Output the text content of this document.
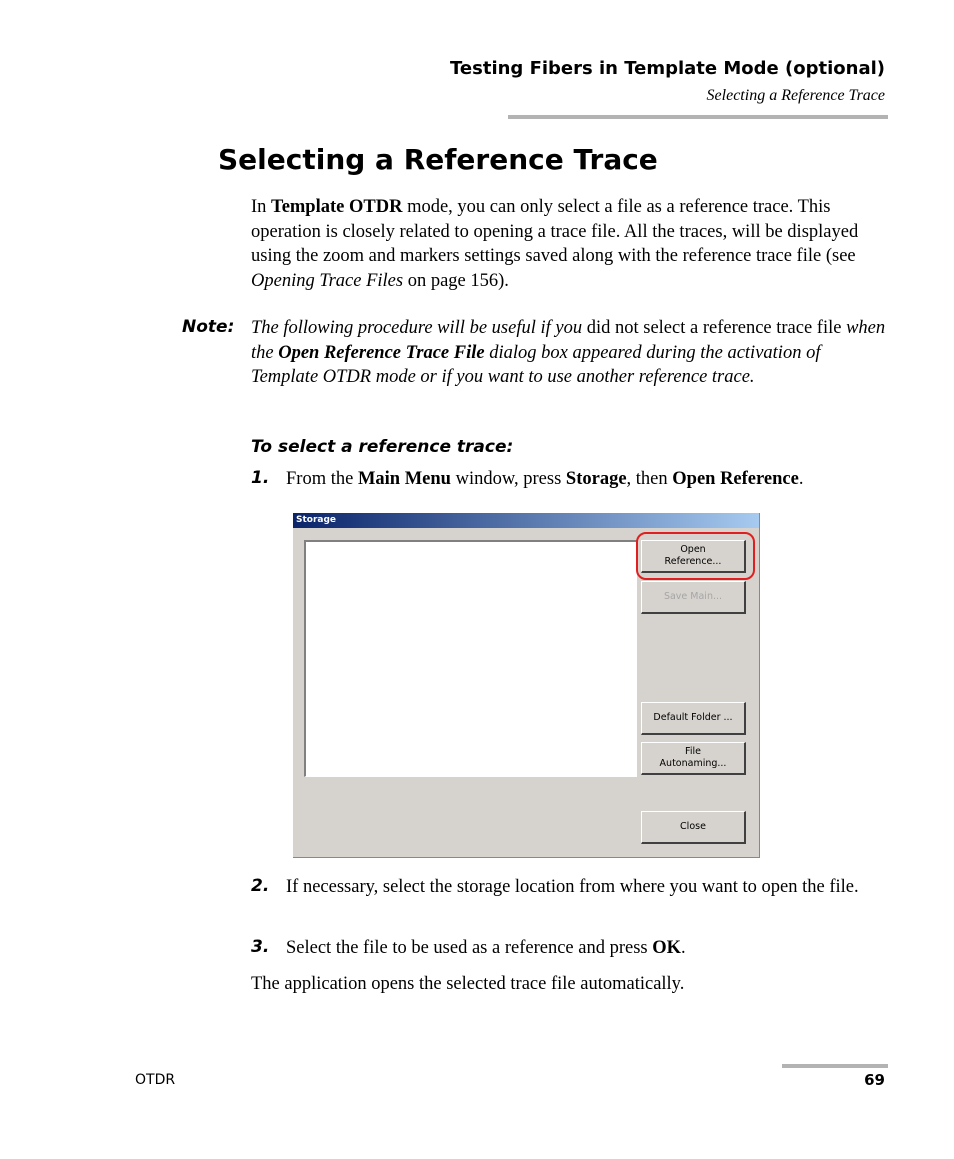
Testing Fibers in Template Mode (optional)
Selecting a Reference Trace
Selecting a Reference Trace

In Template OTDR mode, you can only select a file as a reference trace. This operation is closely related to opening a trace file. All the traces, will be displayed using the zoom and markers settings saved along with the reference trace file (see Opening Trace Files on page 156).

Note: The following procedure will be useful if you did not select a reference trace file when the Open Reference Trace File dialog box appeared during the activation of Template OTDR mode or if you want to use another reference trace.

To select a reference trace:
1. From the Main Menu window, press Storage, then Open Reference.

Storage
Open
Reference...
Save Main...
Default Folder ...
File
Autonaming...
Close
2. If necessary, select the storage location from where you want to open the file.

3. Select the file to be used as a reference and press OK.

The application opens the selected trace file automatically.

OTDR	69
